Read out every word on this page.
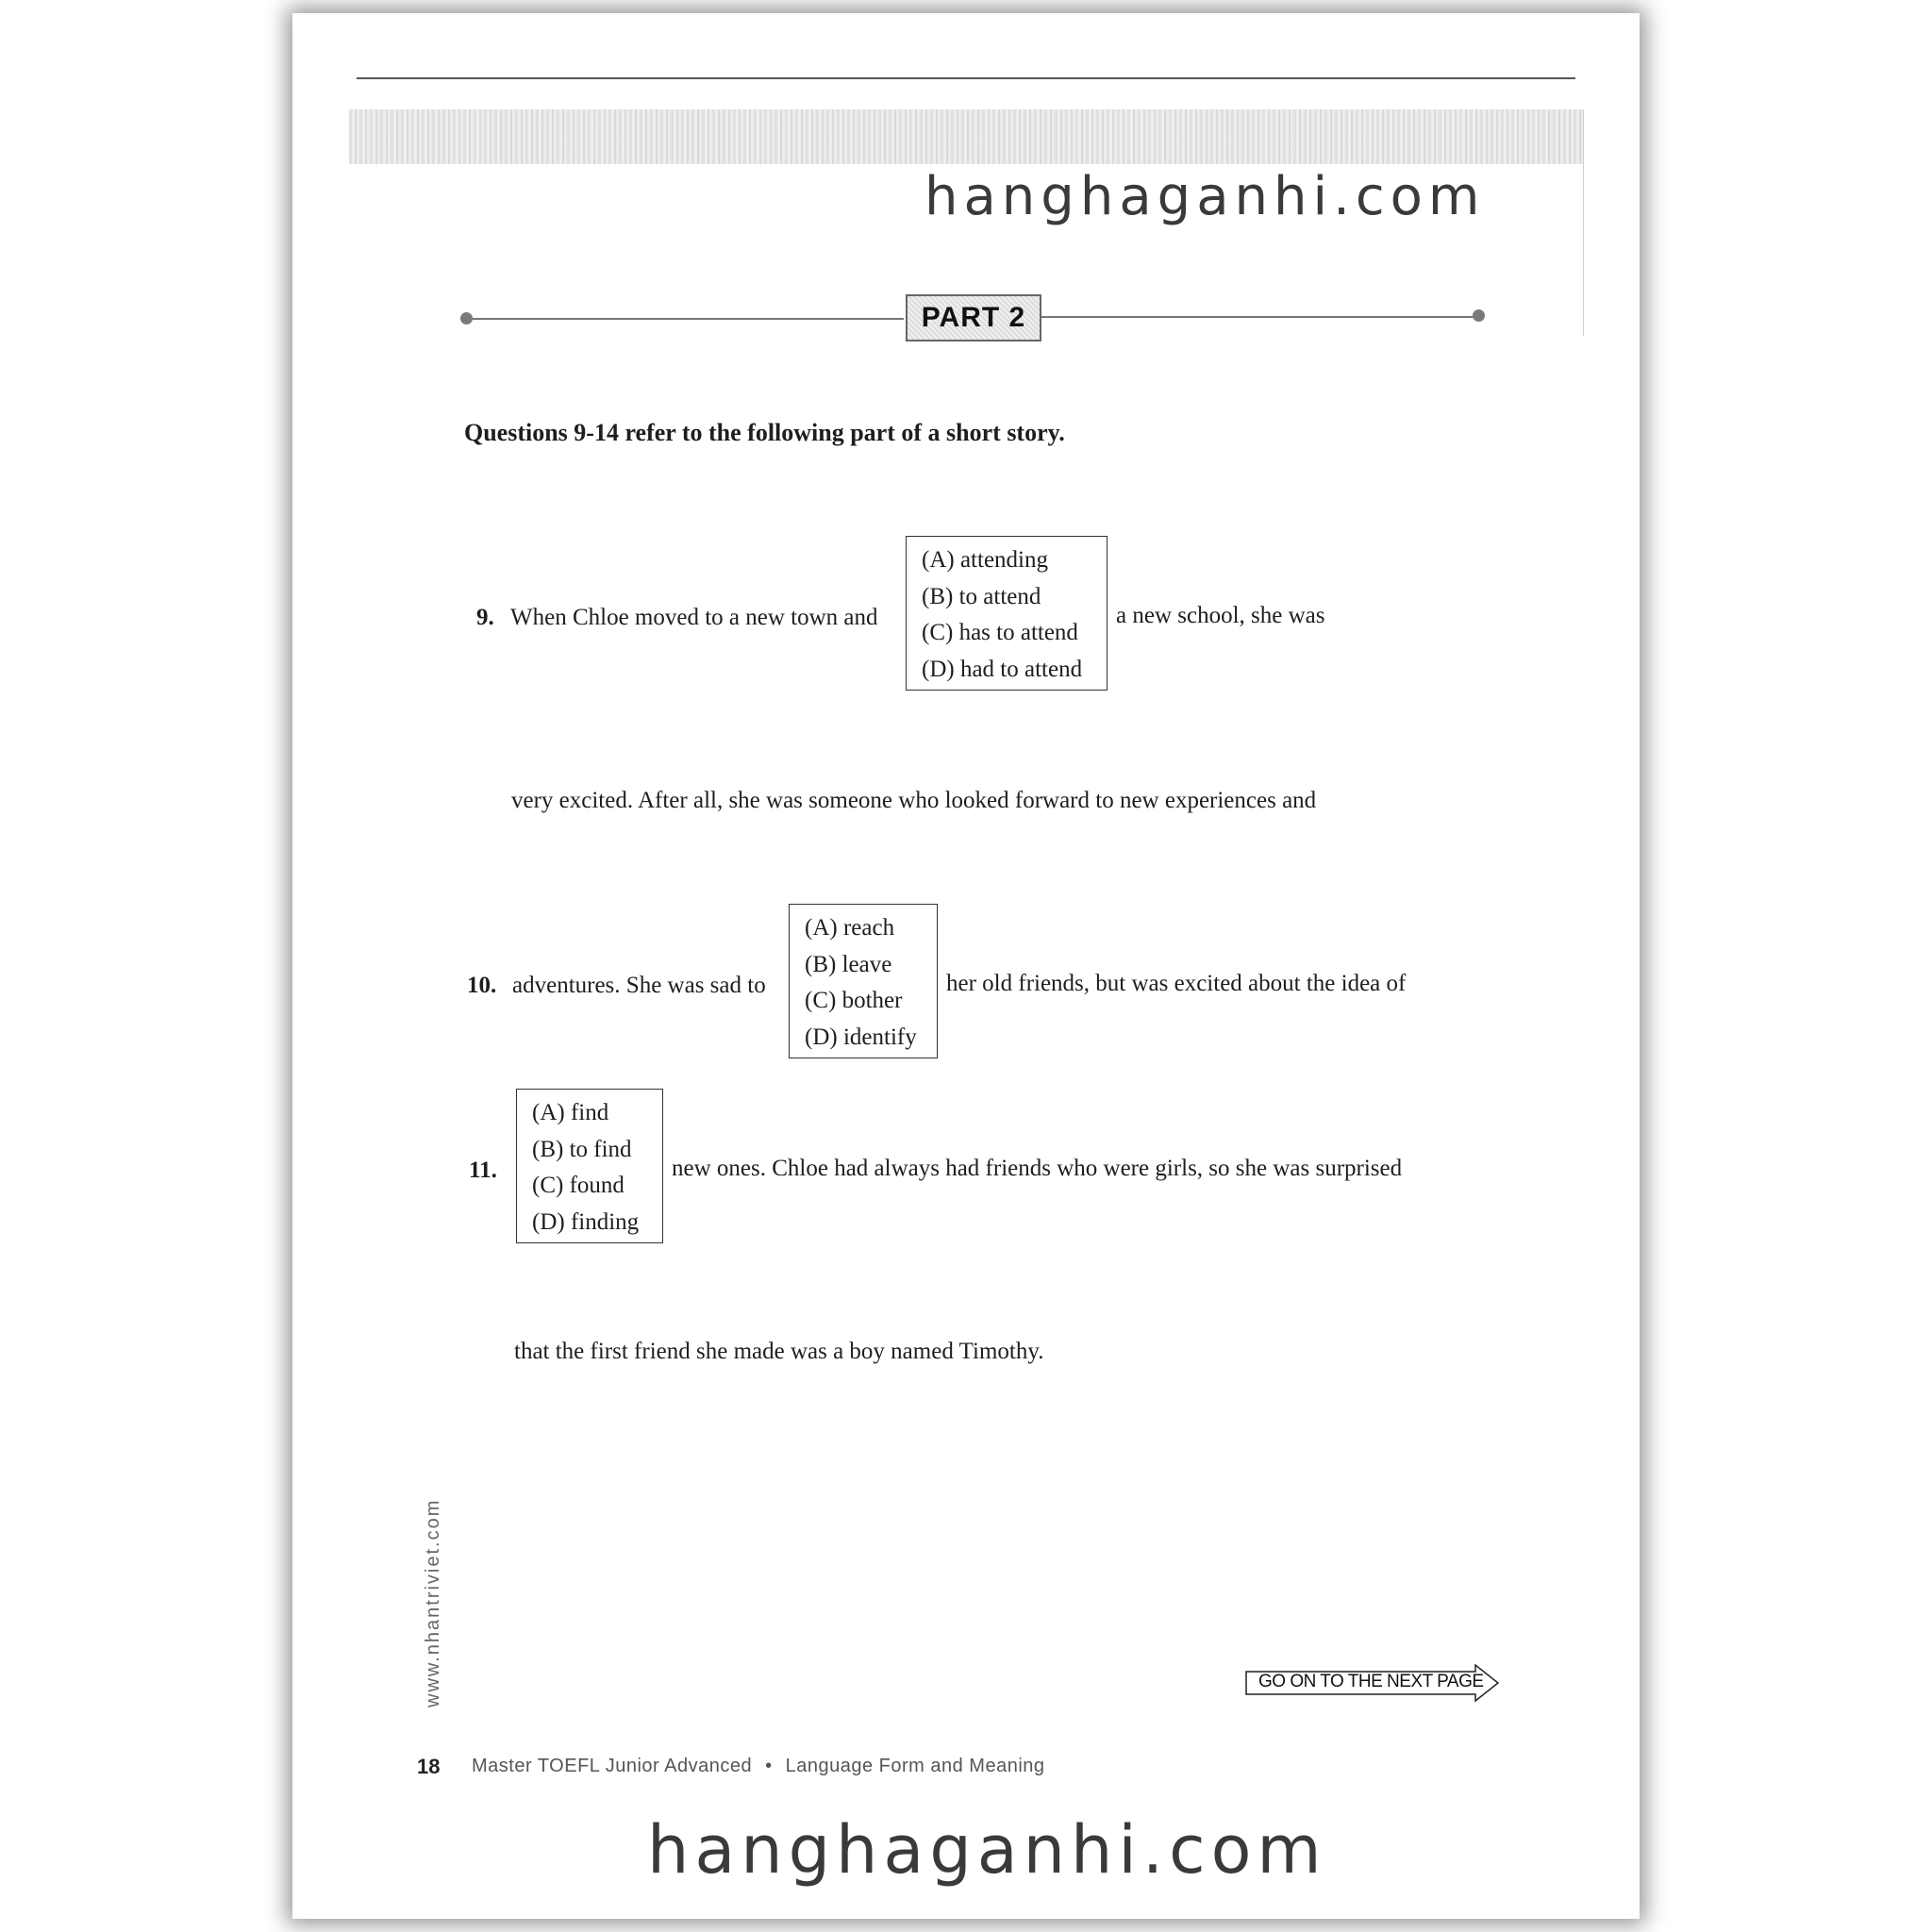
hanghaganhi.com
PART 2
Questions 9-14 refer to the following part of a short story.
9. When Chloe moved to a new town and
(A) attending
(B) to attend
(C) has to attend
(D) had to attend
a new school, she was
very excited. After all, she was someone who looked forward to new experiences and
10. adventures. She was sad to
(A) reach
(B) leave
(C) bother
(D) identify
her old friends, but was excited about the idea of
11.
(A) find
(B) to find
(C) found
(D) finding
new ones. Chloe had always had friends who were girls, so she was surprised
that the first friend she made was a boy named Timothy.
GO ON TO THE NEXT PAGE
www.nhantriviet.com
18 Master TOEFL Junior Advanced • Language Form and Meaning
hanghaganhi.com
